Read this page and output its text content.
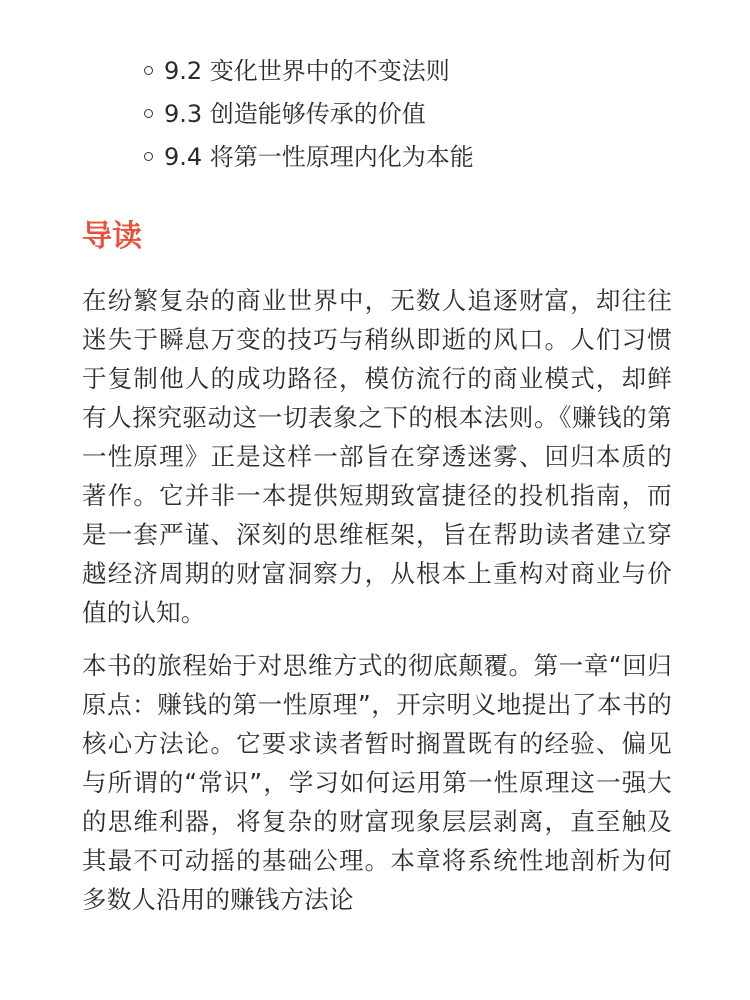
9.2 变化世界中的不变法则
9.3 创造能够传承的价值
9.4 将第一性原理内化为本能
导读

在纷繁复杂的商业世界中，无数人追逐财富，却往往迷失于瞬息万变的技巧与稍纵即逝的风口。人们习惯于复制他人的成功路径，模仿流行的商业模式，却鲜有人探究驱动这一切表象之下的根本法则。《赚钱的第一性原理》正是这样一部旨在穿透迷雾、回归本质的著作。它并非一本提供短期致富捷径的投机指南，而是一套严谨、深刻的思维框架，旨在帮助读者建立穿越经济周期的财富洞察力，从根本上重构对商业与价值的认知。

本书的旅程始于对思维方式的彻底颠覆。第一章“回归原点：赚钱的第一性原理”，开宗明义地提出了本书的核心方法论。它要求读者暂时搁置既有的经验、偏见与所谓的“常识”，学习如何运用第一性原理这一强大的思维利器，将复杂的财富现象层层剥离，直至触及其最不可动摇的基础公理。本章将系统性地剖析为何多数人沿用的赚钱方法论
